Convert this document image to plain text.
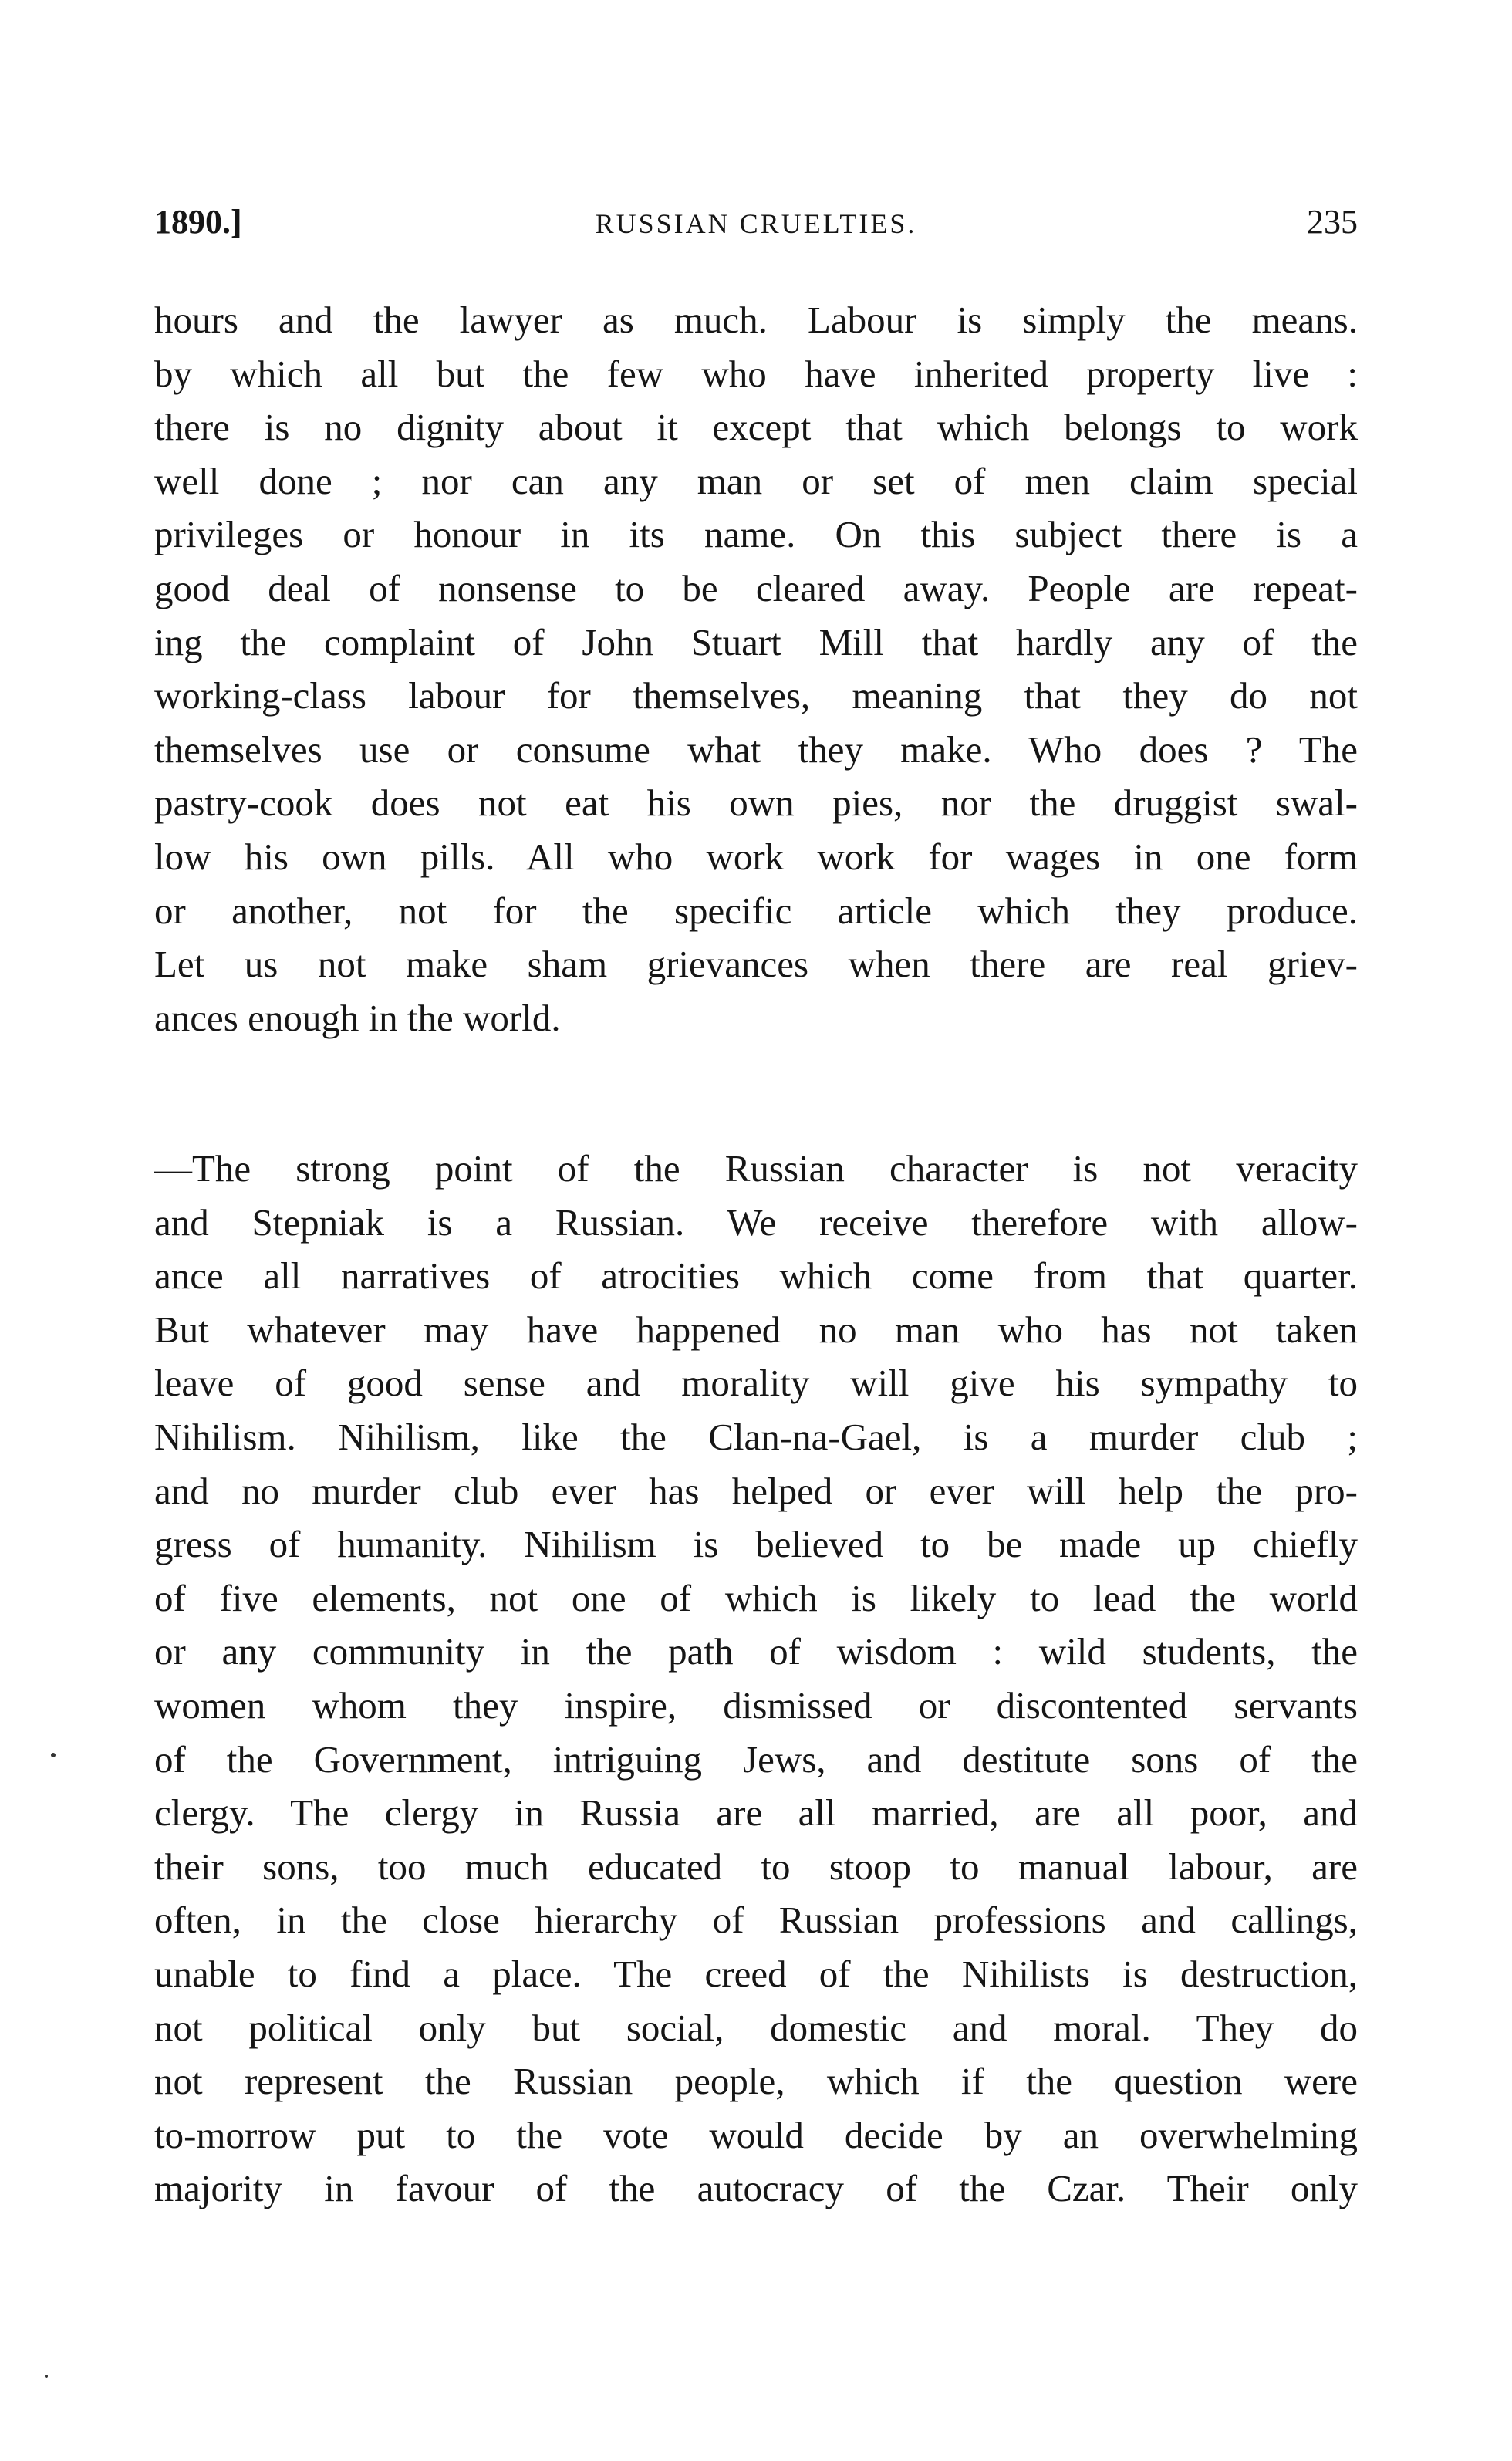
1890.]	RUSSIAN CRUELTIES.	235
hours and the lawyer as much. Labour is simply the means.
by which all but the few who have inherited property live :
there is no dignity about it except that which belongs to work
well done ; nor can any man or set of men claim special
privileges or honour in its name. On this subject there is a
good deal of nonsense to be cleared away. People are repeat-
ing the complaint of John Stuart Mill that hardly any of the
working-class labour for themselves, meaning that they do not
themselves use or consume what they make. Who does ? The
pastry-cook does not eat his own pies, nor the druggist swal-
low his own pills. All who work work for wages in one form
or another, not for the specific article which they produce.
Let us not make sham grievances when there are real griev-
ances enough in the world.
—The strong point of the Russian character is not veracity
and Stepniak is a Russian. We receive therefore with allow-
ance all narratives of atrocities which come from that quarter.
But whatever may have happened no man who has not taken
leave of good sense and morality will give his sympathy to
Nihilism. Nihilism, like the Clan-na-Gael, is a murder club ;
and no murder club ever has helped or ever will help the pro-
gress of humanity. Nihilism is believed to be made up chiefly
of five elements, not one of which is likely to lead the world
or any community in the path of wisdom : wild students, the
women whom they inspire, dismissed or discontented servants
of the Government, intriguing Jews, and destitute sons of the
clergy. The clergy in Russia are all married, are all poor, and
their sons, too much educated to stoop to manual labour, are
often, in the close hierarchy of Russian professions and callings,
unable to find a place. The creed of the Nihilists is destruction,
not political only but social, domestic and moral. They do
not represent the Russian people, which if the question were
to-morrow put to the vote would decide by an overwhelming
majority in favour of the autocracy of the Czar. Their only
